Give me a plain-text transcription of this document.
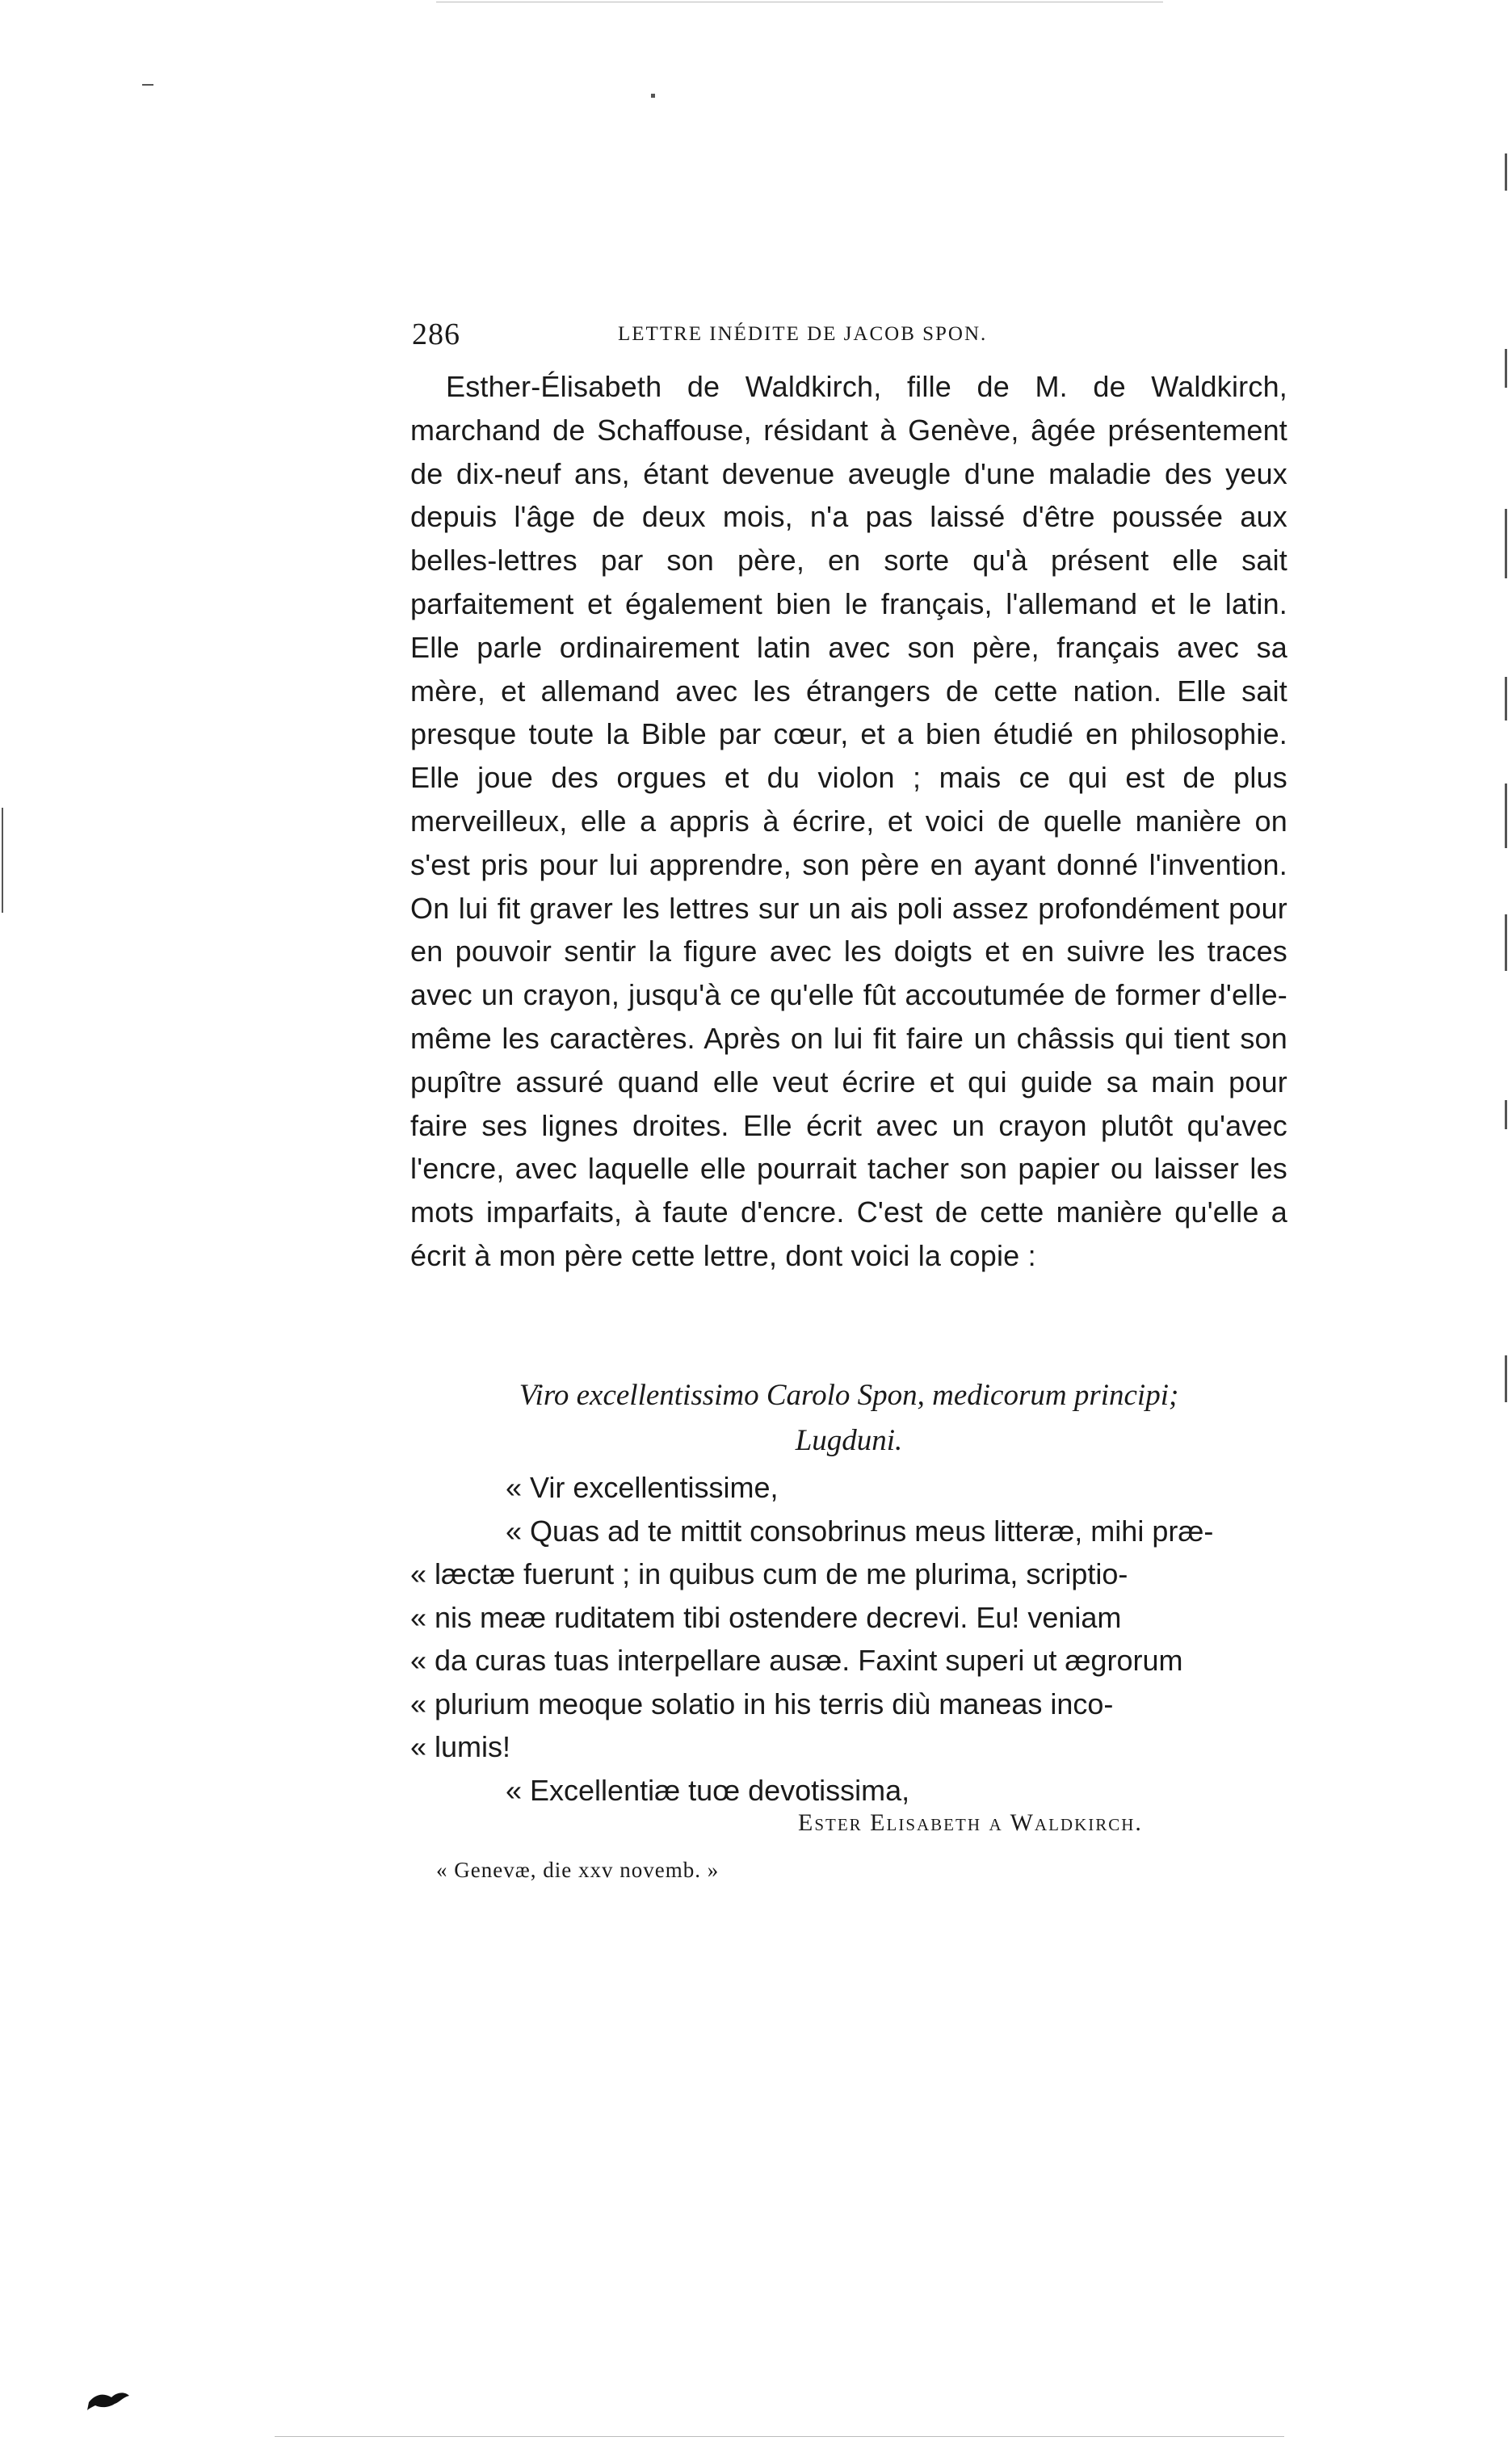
286	LETTRE INÉDITE DE JACOB SPON.

Esther-Élisabeth de Waldkirch, fille de M. de Waldkirch, marchand de Schaffouse, résidant à Genève, âgée présentement de dix-neuf ans, étant devenue aveugle d'une maladie des yeux depuis l'âge de deux mois, n'a pas laissé d'être poussée aux belles-lettres par son père, en sorte qu'à présent elle sait parfaitement et également bien le français, l'allemand et le latin. Elle parle ordinairement latin avec son père, français avec sa mère, et allemand avec les étrangers de cette nation. Elle sait presque toute la Bible par cœur, et a bien étudié en philosophie. Elle joue des orgues et du violon ; mais ce qui est de plus merveilleux, elle a appris à écrire, et voici de quelle manière on s'est pris pour lui apprendre, son père en ayant donné l'invention. On lui fit graver les lettres sur un ais poli assez profondément pour en pouvoir sentir la figure avec les doigts et en suivre les traces avec un crayon, jusqu'à ce qu'elle fût accoutumée de former d'elle-même les caractères. Après on lui fit faire un châssis qui tient son pupître assuré quand elle veut écrire et qui guide sa main pour faire ses lignes droites. Elle écrit avec un crayon plutôt qu'avec l'encre, avec laquelle elle pourrait tacher son papier ou laisser les mots imparfaits, à faute d'encre. C'est de cette manière qu'elle a écrit à mon père cette lettre, dont voici la copie :

Viro excellentissimo Carolo Spon, medicorum principi;
Lugduni.
« Vir excellentissime,
« Quas ad te mittit consobrinus meus litteræ, mihi præ-
« læctæ fuerunt ; in quibus cum de me plurima, scriptio-
« nis meæ ruditatem tibi ostendere decrevi. Eu! veniam
« da curas tuas interpellare ausæ. Faxint superi ut ægrorum
« plurium meoque solatio in his terris diù maneas inco-
« lumis!
« Excellentiæ tuœ devotissima,
Ester Elisabeth a Waldkirch.
« Genevæ, die xxv novemb. »
